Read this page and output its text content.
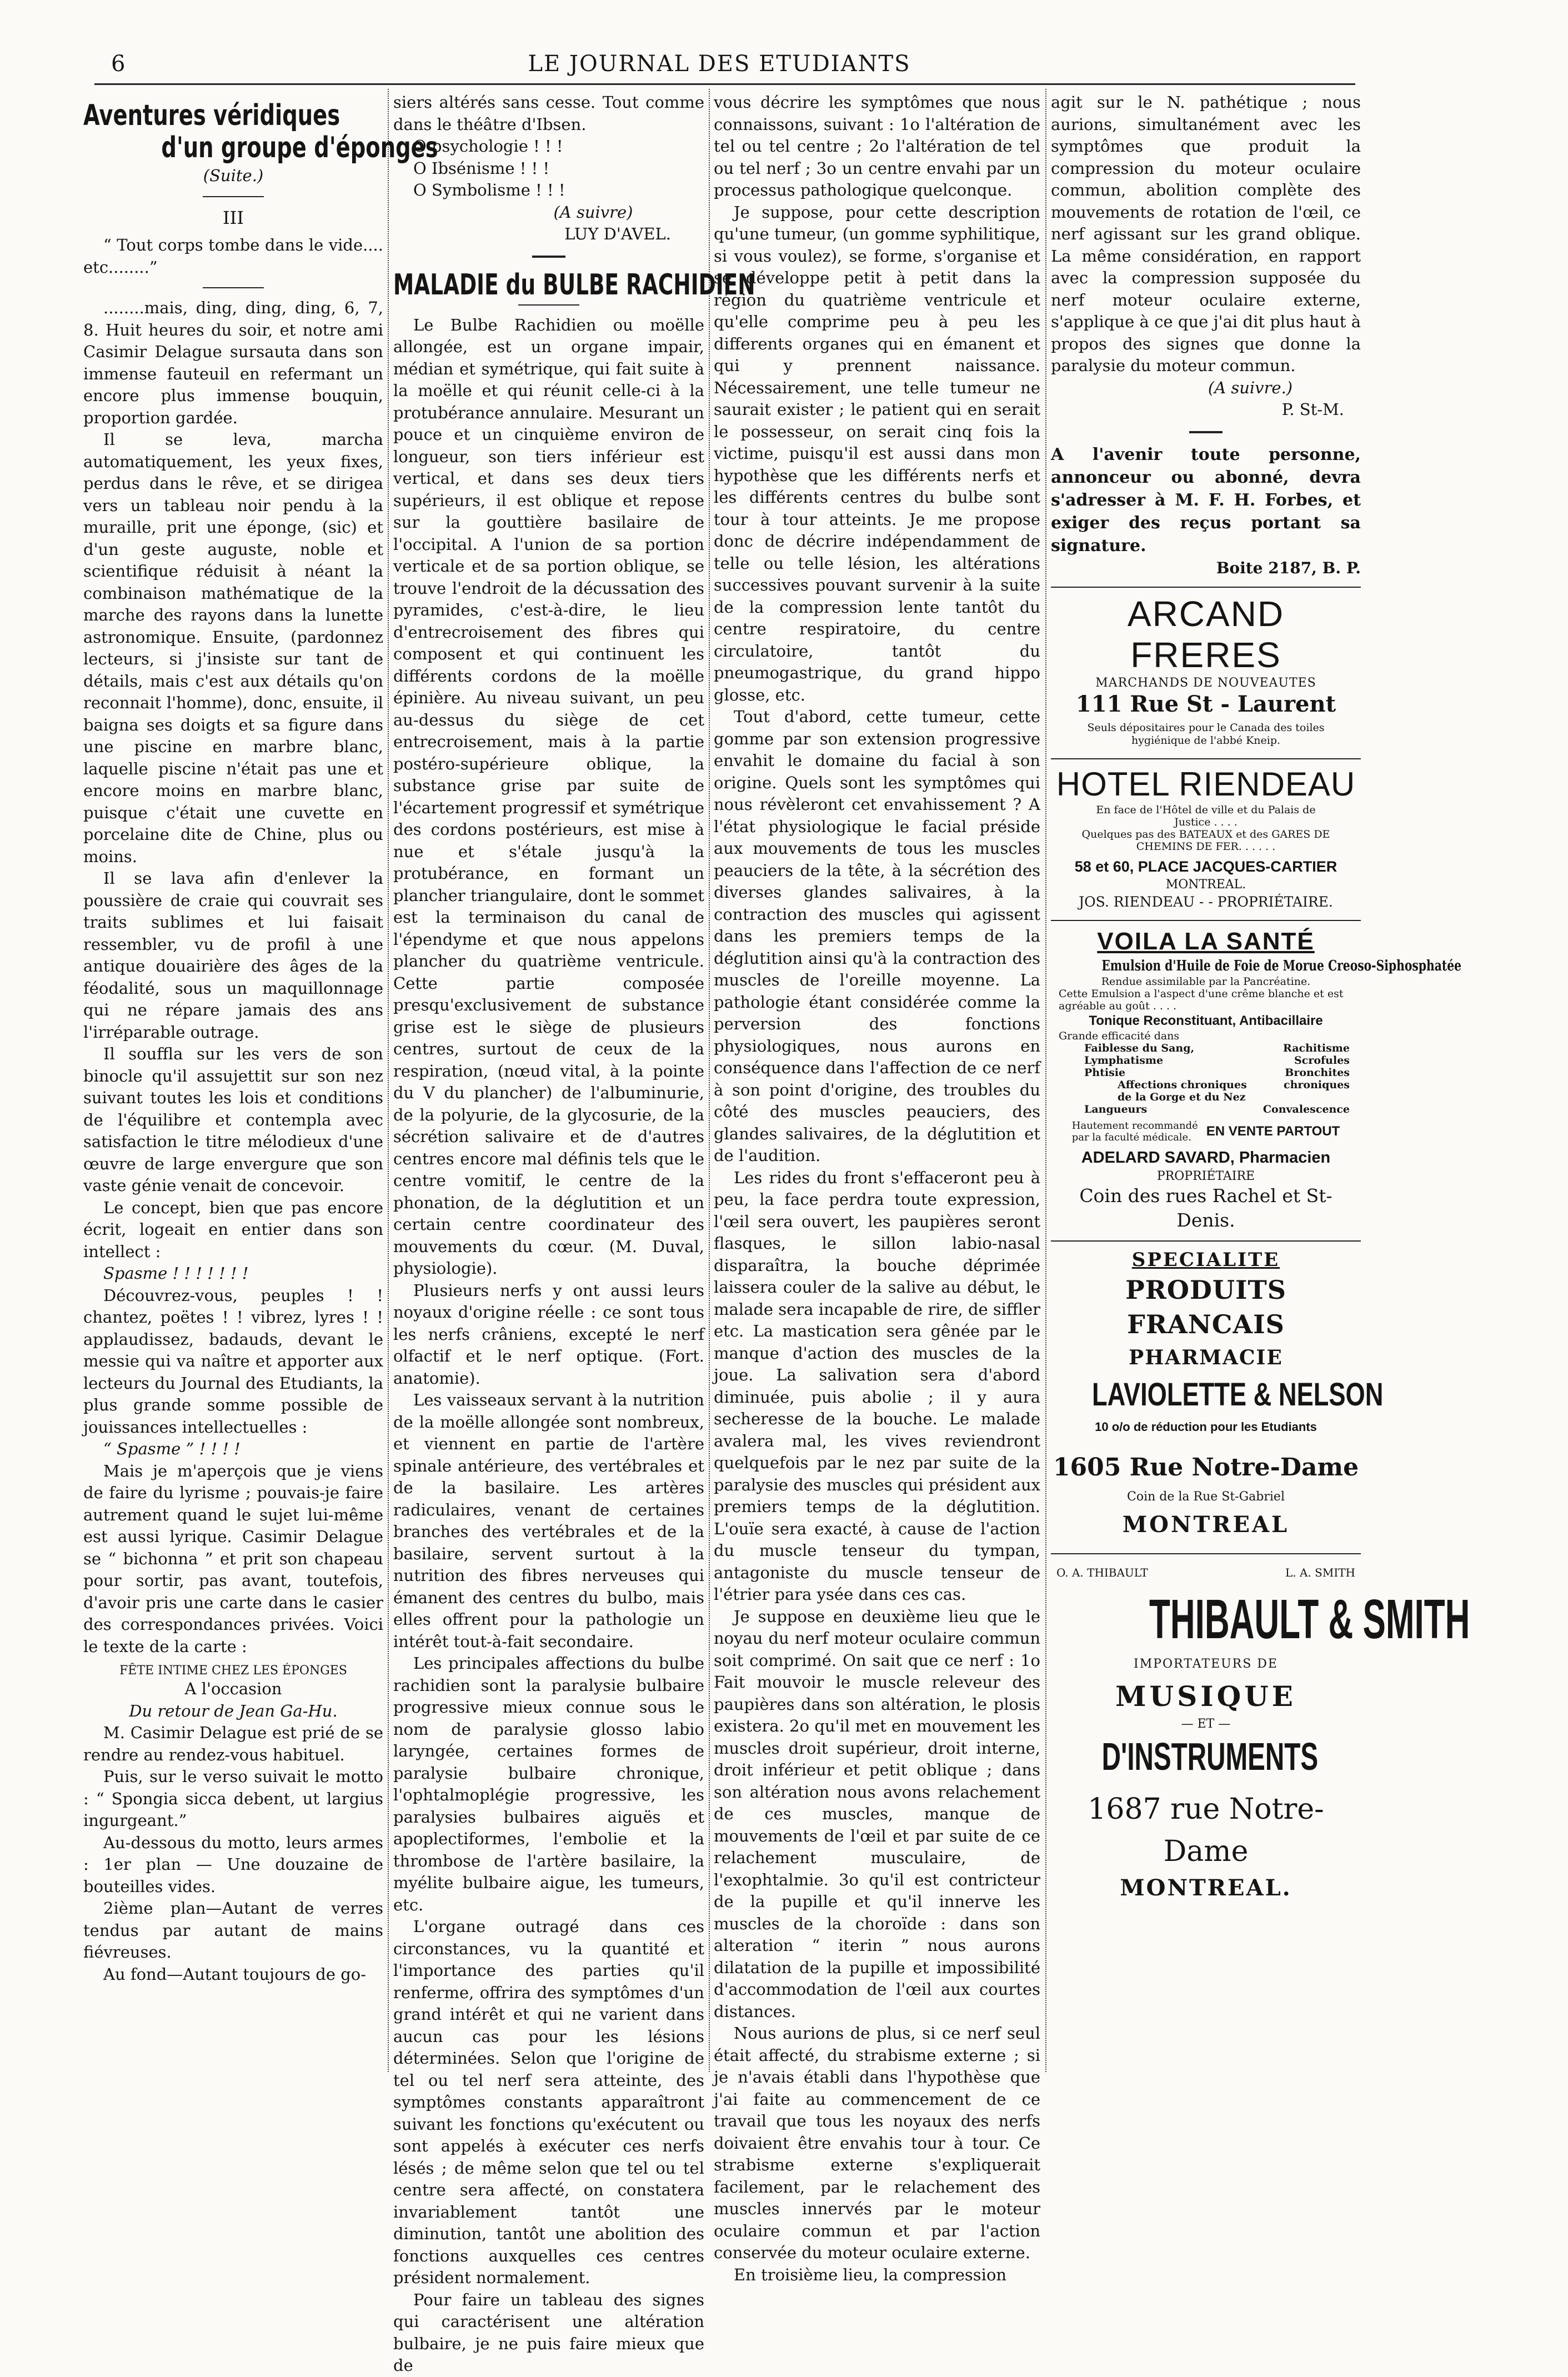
6	LE JOURNAL DES ETUDIANTS
Aventures véridiques
d'un groupe d'éponges

(Suite.)

III

“ Tout corps tombe dans le vide.... etc........”

........mais, ding, ding, ding, 6, 7, 8. Huit heures du soir, et notre ami Casimir Delague sursauta dans son immense fauteuil en refermant un encore plus immense bouquin, proportion gardée.

Il se leva, marcha automatiquement, les yeux fixes, perdus dans le rêve, et se dirigea vers un tableau noir pendu à la muraille, prit une éponge, (sic) et d'un geste auguste, noble et scientifique réduisit à néant la combinaison mathématique de la marche des rayons dans la lunette astronomique. Ensuite, (pardonnez lecteurs, si j'insiste sur tant de détails, mais c'est aux détails qu'on reconnait l'homme), donc, ensuite, il baigna ses doigts et sa figure dans une piscine en marbre blanc, laquelle piscine n'était pas une et encore moins en marbre blanc, puisque c'était une cuvette en porcelaine dite de Chine, plus ou moins.

Il se lava afin d'enlever la poussière de craie qui couvrait ses traits sublimes et lui faisait ressembler, vu de profil à une antique douairière des âges de la féodalité, sous un maquillonnage qui ne répare jamais des ans l'irréparable outrage.

Il souffla sur les vers de son binocle qu'il assujettit sur son nez suivant toutes les lois et conditions de l'équilibre et contempla avec satisfaction le titre mélodieux d'une œuvre de large envergure que son vaste génie venait de concevoir.

Le concept, bien que pas encore écrit, logeait en entier dans son intellect :

Spasme ! ! ! ! ! ! !

Découvrez-vous, peuples ! ! chantez, poëtes ! ! vibrez, lyres ! ! applaudissez, badauds, devant le messie qui va naître et apporter aux lecteurs du Journal des Etudiants, la plus grande somme possible de jouissances intellectuelles :

“ Spasme ” ! ! ! !

Mais je m'aperçois que je viens de faire du lyrisme ; pouvais-je faire autrement quand le sujet lui-même est aussi lyrique. Casimir Delague se “ bichonna ” et prit son chapeau pour sortir, pas avant, toutefois, d'avoir pris une carte dans le casier des correspondances privées. Voici le texte de la carte :

FÊTE INTIME CHEZ LES ÉPONGES

A l'occasion

Du retour de Jean Ga-Hu.

M. Casimir Delague est prié de se rendre au rendez-vous habituel.

Puis, sur le verso suivait le motto : “ Spongia sicca debent, ut largius ingurgeant.”

Au-dessous du motto, leurs armes : 1er plan — Une douzaine de bouteilles vides.

2ième plan—Autant de verres tendus par autant de mains fiévreuses.

Au fond—Autant toujours de go-

siers altérés sans cesse. Tout comme dans le théâtre d'Ibsen.

O psychologie ! ! !

O Ibsénisme ! ! !

O Symbolisme ! ! !

(A suivre)

LUY D'AVEL.

MALADIE du BULBE RACHIDIEN

Le Bulbe Rachidien ou moëlle allongée, est un organe impair, médian et symétrique, qui fait suite à la moëlle et qui réunit celle-ci à la protubérance annulaire. Mesurant un pouce et un cinquième environ de longueur, son tiers inférieur est vertical, et dans ses deux tiers supérieurs, il est oblique et repose sur la gouttière basilaire de l'occipital. A l'union de sa portion verticale et de sa portion oblique, se trouve l'endroit de la décussation des pyramides, c'est-à-dire, le lieu d'entrecroisement des fibres qui composent et qui continuent les différents cordons de la moëlle épinière. Au niveau suivant, un peu au-dessus du siège de cet entrecroisement, mais à la partie postéro-supérieure oblique, la substance grise par suite de l'écartement progressif et symétrique des cordons postérieurs, est mise à nue et s'étale jusqu'à la protubérance, en formant un plancher triangulaire, dont le sommet est la terminaison du canal de l'épendyme et que nous appelons plancher du quatrième ventricule. Cette partie composée presqu'exclusivement de substance grise est le siège de plusieurs centres, surtout de ceux de la respiration, (nœud vital, à la pointe du V du plancher) de l'albuminurie, de la polyurie, de la glycosurie, de la sécrétion salivaire et de d'autres centres encore mal définis tels que le centre vomitif, le centre de la phonation, de la déglutition et un certain centre coordinateur des mouvements du cœur. (M. Duval, physiologie).

Plusieurs nerfs y ont aussi leurs noyaux d'origine réelle : ce sont tous les nerfs crâniens, excepté le nerf olfactif et le nerf optique. (Fort. anatomie).

Les vaisseaux servant à la nutrition de la moëlle allongée sont nombreux, et viennent en partie de l'artère spinale antérieure, des vertébrales et de la basilaire. Les artères radiculaires, venant de certaines branches des vertébrales et de la basilaire, servent surtout à la nutrition des fibres nerveuses qui émanent des centres du bulbo, mais elles offrent pour la pathologie un intérêt tout-à-fait secondaire.

Les principales affections du bulbe rachidien sont la paralysie bulbaire progressive mieux connue sous le nom de paralysie glosso labio laryngée, certaines formes de paralysie bulbaire chronique, l'ophtalmoplégie progressive, les paralysies bulbaires aiguës et apoplectiformes, l'embolie et la thrombose de l'artère basilaire, la myélite bulbaire aigue, les tumeurs, etc.

L'organe outragé dans ces circonstances, vu la quantité et l'importance des parties qu'il renferme, offrira des symptômes d'un grand intérêt et qui ne varient dans aucun cas pour les lésions déterminées. Selon que l'origine de tel ou tel nerf sera atteinte, des symptômes constants apparaîtront suivant les fonctions qu'exécutent ou sont appelés à exécuter ces nerfs lésés ; de même selon que tel ou tel centre sera affecté, on constatera invariablement tantôt une diminution, tantôt une abolition des fonctions auxquelles ces centres président normalement.

Pour faire un tableau des signes qui caractérisent une altération bulbaire, je ne puis faire mieux que de

vous décrire les symptômes que nous connaissons, suivant : 1o l'altération de tel ou tel centre ; 2o l'altération de tel ou tel nerf ; 3o un centre envahi par un processus pathologique quelconque.

Je suppose, pour cette description qu'une tumeur, (un gomme syphilitique, si vous voulez), se forme, s'organise et se développe petit à petit dans la région du quatrième ventricule et qu'elle comprime peu à peu les differents organes qui en émanent et qui y prennent naissance. Nécessairement, une telle tumeur ne saurait exister ; le patient qui en serait le possesseur, on serait cinq fois la victime, puisqu'il est aussi dans mon hypothèse que les différents nerfs et les différents centres du bulbe sont tour à tour atteints. Je me propose donc de décrire indépendamment de telle ou telle lésion, les altérations successives pouvant survenir à la suite de la compression lente tantôt du centre respiratoire, du centre circulatoire, tantôt du pneumogastrique, du grand hippo glosse, etc.

Tout d'abord, cette tumeur, cette gomme par son extension progressive envahit le domaine du facial à son origine. Quels sont les symptômes qui nous révèleront cet envahissement ? A l'état physiologique le facial préside aux mouvements de tous les muscles peauciers de la tête, à la sécrétion des diverses glandes salivaires, à la contraction des muscles qui agissent dans les premiers temps de la déglutition ainsi qu'à la contraction des muscles de l'oreille moyenne. La pathologie étant considérée comme la perversion des fonctions physiologiques, nous aurons en conséquence dans l'affection de ce nerf à son point d'origine, des troubles du côté des muscles peauciers, des glandes salivaires, de la déglutition et de l'audition.

Les rides du front s'effaceront peu à peu, la face perdra toute expression, l'œil sera ouvert, les paupières seront flasques, le sillon labio-nasal disparaîtra, la bouche déprimée laissera couler de la salive au début, le malade sera incapable de rire, de siffler etc. La mastication sera gênée par le manque d'action des muscles de la joue. La salivation sera d'abord diminuée, puis abolie ; il y aura secheresse de la bouche. Le malade avalera mal, les vives reviendront quelquefois par le nez par suite de la paralysie des muscles qui président aux premiers temps de la déglutition. L'ouïe sera exacté, à cause de l'action du muscle tenseur du tympan, antagoniste du muscle tenseur de l'étrier para ysée dans ces cas.

Je suppose en deuxième lieu que le noyau du nerf moteur oculaire commun soit comprimé. On sait que ce nerf : 1o Fait mouvoir le muscle releveur des paupières dans son altération, le plosis existera. 2o qu'il met en mouvement les muscles droit supérieur, droit interne, droit inférieur et petit oblique ; dans son altération nous avons relachement de ces muscles, manque de mouvements de l'œil et par suite de ce relachement musculaire, de l'exophtalmie. 3o qu'il est contricteur de la pupille et qu'il innerve les muscles de la choroïde : dans son alteration “ iterin ” nous aurons dilatation de la pupille et impossibilité d'accommodation de l'œil aux courtes distances.

Nous aurions de plus, si ce nerf seul était affecté, du strabisme externe ; si je n'avais établi dans l'hypothèse que j'ai faite au commencement de ce travail que tous les noyaux des nerfs doivaient être envahis tour à tour. Ce strabisme externe s'expliquerait facilement, par le relachement des muscles innervés par le moteur oculaire commun et par l'action conservée du moteur oculaire externe.

En troisième lieu, la compression

agit sur le N. pathétique ; nous aurions, simultanément avec les symptômes que produit la compression du moteur oculaire commun, abolition complète des mouvements de rotation de l'œil, ce nerf agissant sur les grand oblique. La même considération, en rapport avec la compression supposée du nerf moteur oculaire externe, s'applique à ce que j'ai dit plus haut à propos des signes que donne la paralysie du moteur commun.

(A suivre.)

P. St-M.

A l'avenir toute personne, annonceur ou abonné, devra s'adresser à M. F. H. Forbes, et exiger des reçus portant sa signature.

Boite 2187, B. P.

ARCAND FRERES
MARCHANDS DE NOUVEAUTES
111 Rue St - Laurent
Seuls dépositaires pour le Canada des toiles hygiénique de l'abbé Kneip.
HOTEL RIENDEAU
En face de l'Hôtel de ville et du Palais de Justice . . . .
Quelques pas des BATEAUX et des GARES DE CHEMINS DE FER. . . . . .
58 et 60, PLACE JACQUES-CARTIER
MONTREAL.
JOS. RIENDEAU - - PROPRIÉTAIRE.
VOILA LA SANTÉ
Emulsion d'Huile de Foie de Morue Creoso-Siphosphatée
Rendue assimilable par la Pancréatine.
Cette Emulsion a l'aspect d'une crême blanche et est agréable au goût . . . .
Tonique Reconstituant, Antibacillaire
Grande efficacité dans
Faiblesse du Sang,
Lymphatisme
Phtisie
Affections chroniques de la Gorge et du Nez
Langueurs
Rachitisme
Scrofules
Bronchites chroniques
Convalescence
Hautement recommandé par la faculté médicale.	EN VENTE PARTOUT
ADELARD SAVARD, Pharmacien
PROPRIÉTAIRE
Coin des rues Rachel et St-Denis.
SPECIALITE
PRODUITS FRANCAIS
PHARMACIE
LAVIOLETTE & NELSON
10 o/o de réduction pour les Etudiants
1605 Rue Notre-Dame
Coin de la Rue St-Gabriel
MONTREAL
O. A. THIBAULT	L. A. SMITH
THIBAULT & SMITH
IMPORTATEURS DE
MUSIQUE
— ET —
D'INSTRUMENTS
1687 rue Notre-Dame
MONTREAL.
